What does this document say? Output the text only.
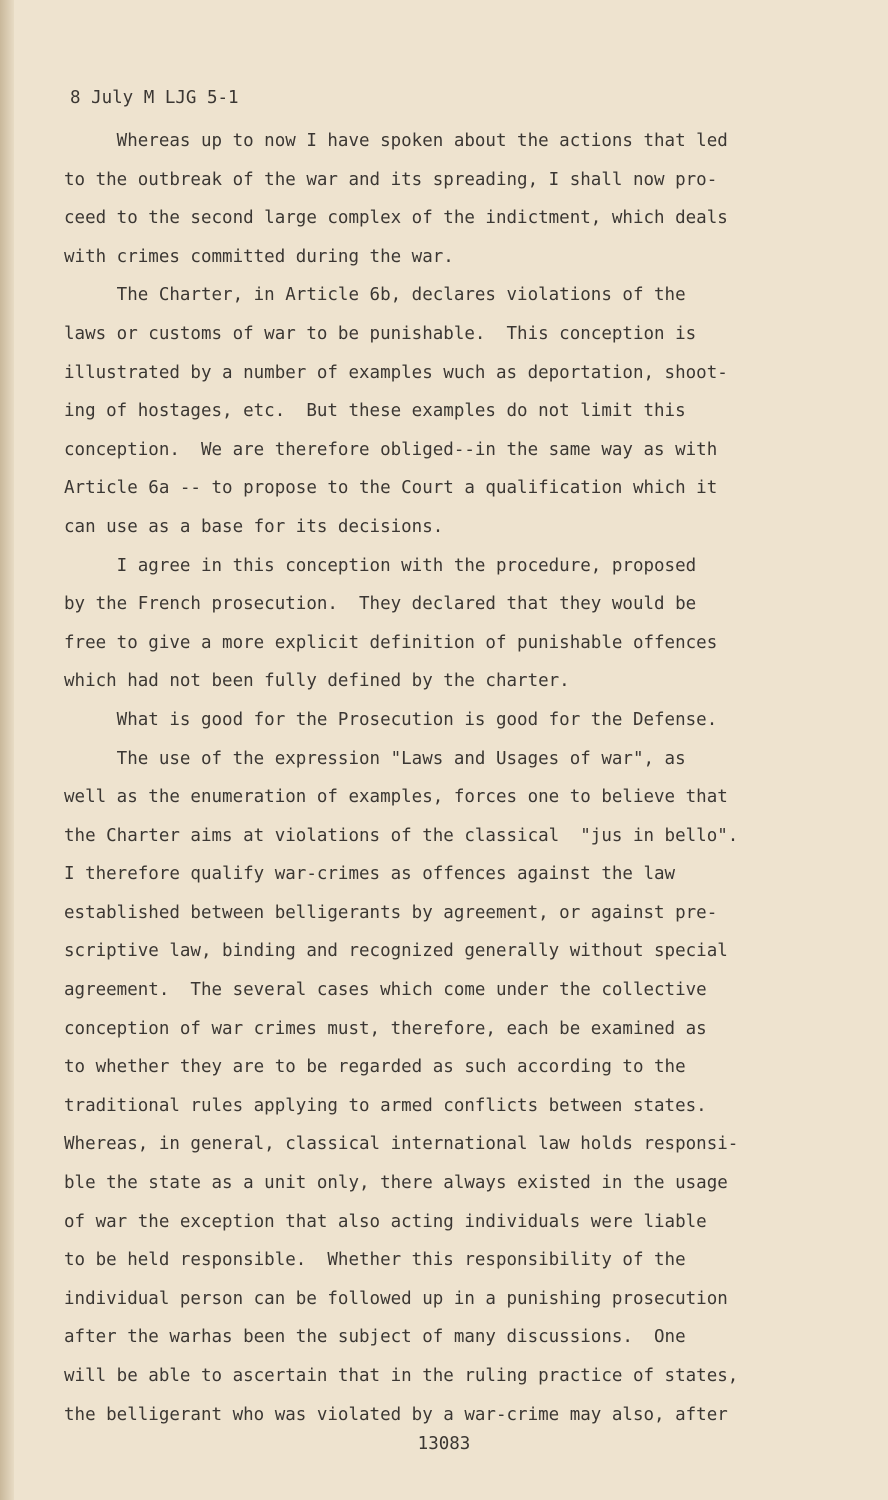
8 July M LJG 5-1
Whereas up to now I have spoken about the actions that led
to the outbreak of the war and its spreading, I shall now pro-
ceed to the second large complex of the indictment, which deals
with crimes committed during the war.
The Charter, in Article 6b, declares violations of the
laws or customs of war to be punishable.  This conception is
illustrated by a number of examples wuch as deportation, shoot-
ing of hostages, etc.  But these examples do not limit this
conception.  We are therefore obliged--in the same way as with
Article 6a -- to propose to the Court a qualification which it
can use as a base for its decisions.
I agree in this conception with the procedure, proposed
by the French prosecution.  They declared that they would be
free to give a more explicit definition of punishable offences
which had not been fully defined by the charter.
What is good for the Prosecution is good for the Defense.
The use of the expression "Laws and Usages of war", as
well as the enumeration of examples, forces one to believe that
the Charter aims at violations of the classical  "jus in bello".
I therefore qualify war-crimes as offences against the law
established between belligerants by agreement, or against pre-
scriptive law, binding and recognized generally without special
agreement.  The several cases which come under the collective
conception of war crimes must, therefore, each be examined as
to whether they are to be regarded as such according to the
traditional rules applying to armed conflicts between states.
Whereas, in general, classical international law holds responsi-
ble the state as a unit only, there always existed in the usage
of war the exception that also acting individuals were liable
to be held responsible.  Whether this responsibility of the
individual person can be followed up in a punishing prosecution
after the warhas been the subject of many discussions.  One
will be able to ascertain that in the ruling practice of states,
the belligerant who was violated by a war-crime may also, after
13083
